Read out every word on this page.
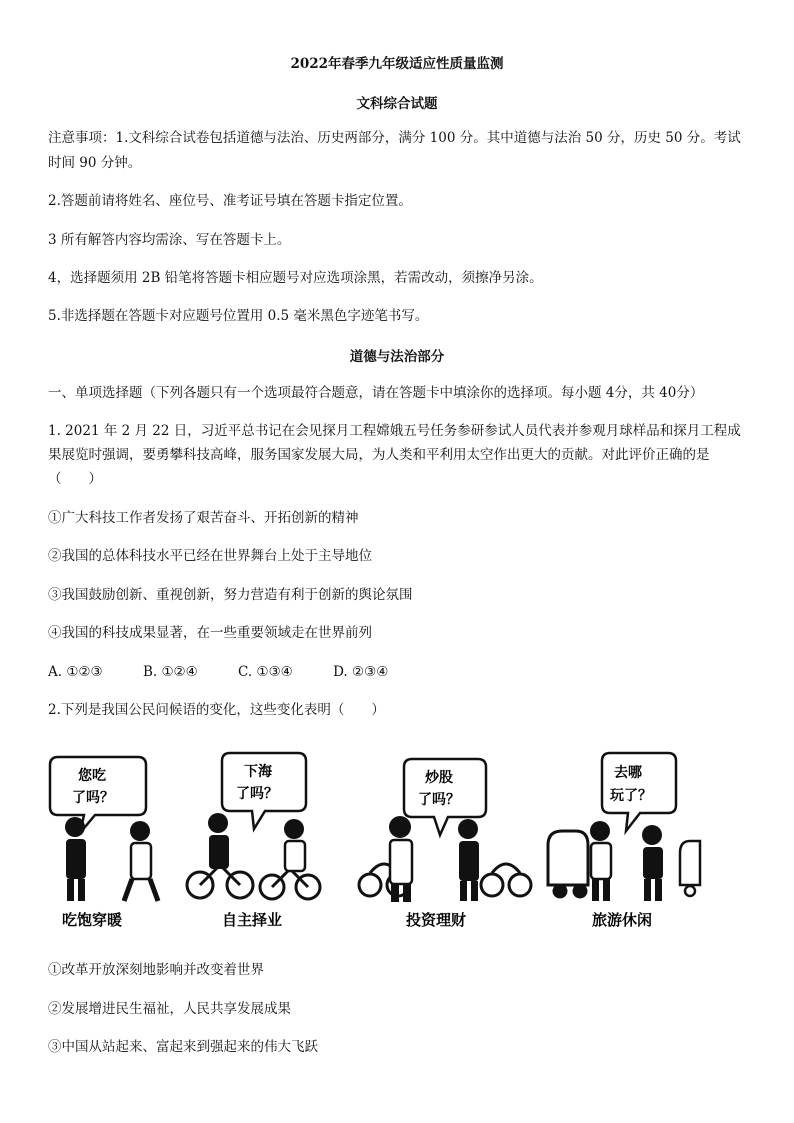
2022年春季九年级适应性质量监测
文科综合试题
注意事项：1.文科综合试卷包括道德与法治、历史两部分，满分 100 分。其中道德与法治 50 分，历史 50 分。考试
时间 90 分钟。
2.答题前请将姓名、座位号、准考证号填在答题卡指定位置。
3 所有解答内容均需涂、写在答题卡上。
4，选择题须用 2B 铅笔将答题卡相应题号对应选项涂黑，若需改动，须擦净另涂。
5.非选择题在答题卡对应题号位置用 0.5 毫米黑色字迹笔书写。
道德与法治部分
一、单项选择题（下列各题只有一个选项最符合题意，请在答题卡中填涂你的选择项。每小题 4分，共 40分）
1. 2021 年 2 月 22 日，习近平总书记在会见探月工程嫦娥五号任务参研参试人员代表并参观月球样品和探月工程成
果展览时强调，要勇攀科技高峰，服务国家发展大局，为人类和平利用太空作出更大的贡献。对此评价正确的是
（　　）
①广大科技工作者发扬了艰苦奋斗、开拓创新的精神
②我国的总体科技水平已经在世界舞台上处于主导地位
③我国鼓励创新、重视创新，努力营造有利于创新的舆论氛围
④我国的科技成果显著，在一些重要领域走在世界前列
A. ①②③	B. ①②④	C. ①③④	D. ②③④
2.下列是我国公民问候语的变化，这些变化表明（　　）
您吃
了吗？
吃饱穿暖
下海
了吗？
自主择业
炒股
了吗？
投资理财
去哪
玩了？
旅游休闲
①改革开放深刻地影响并改变着世界
②发展增进民生福祉，人民共享发展成果
③中国从站起来、富起来到强起来的伟大飞跃
